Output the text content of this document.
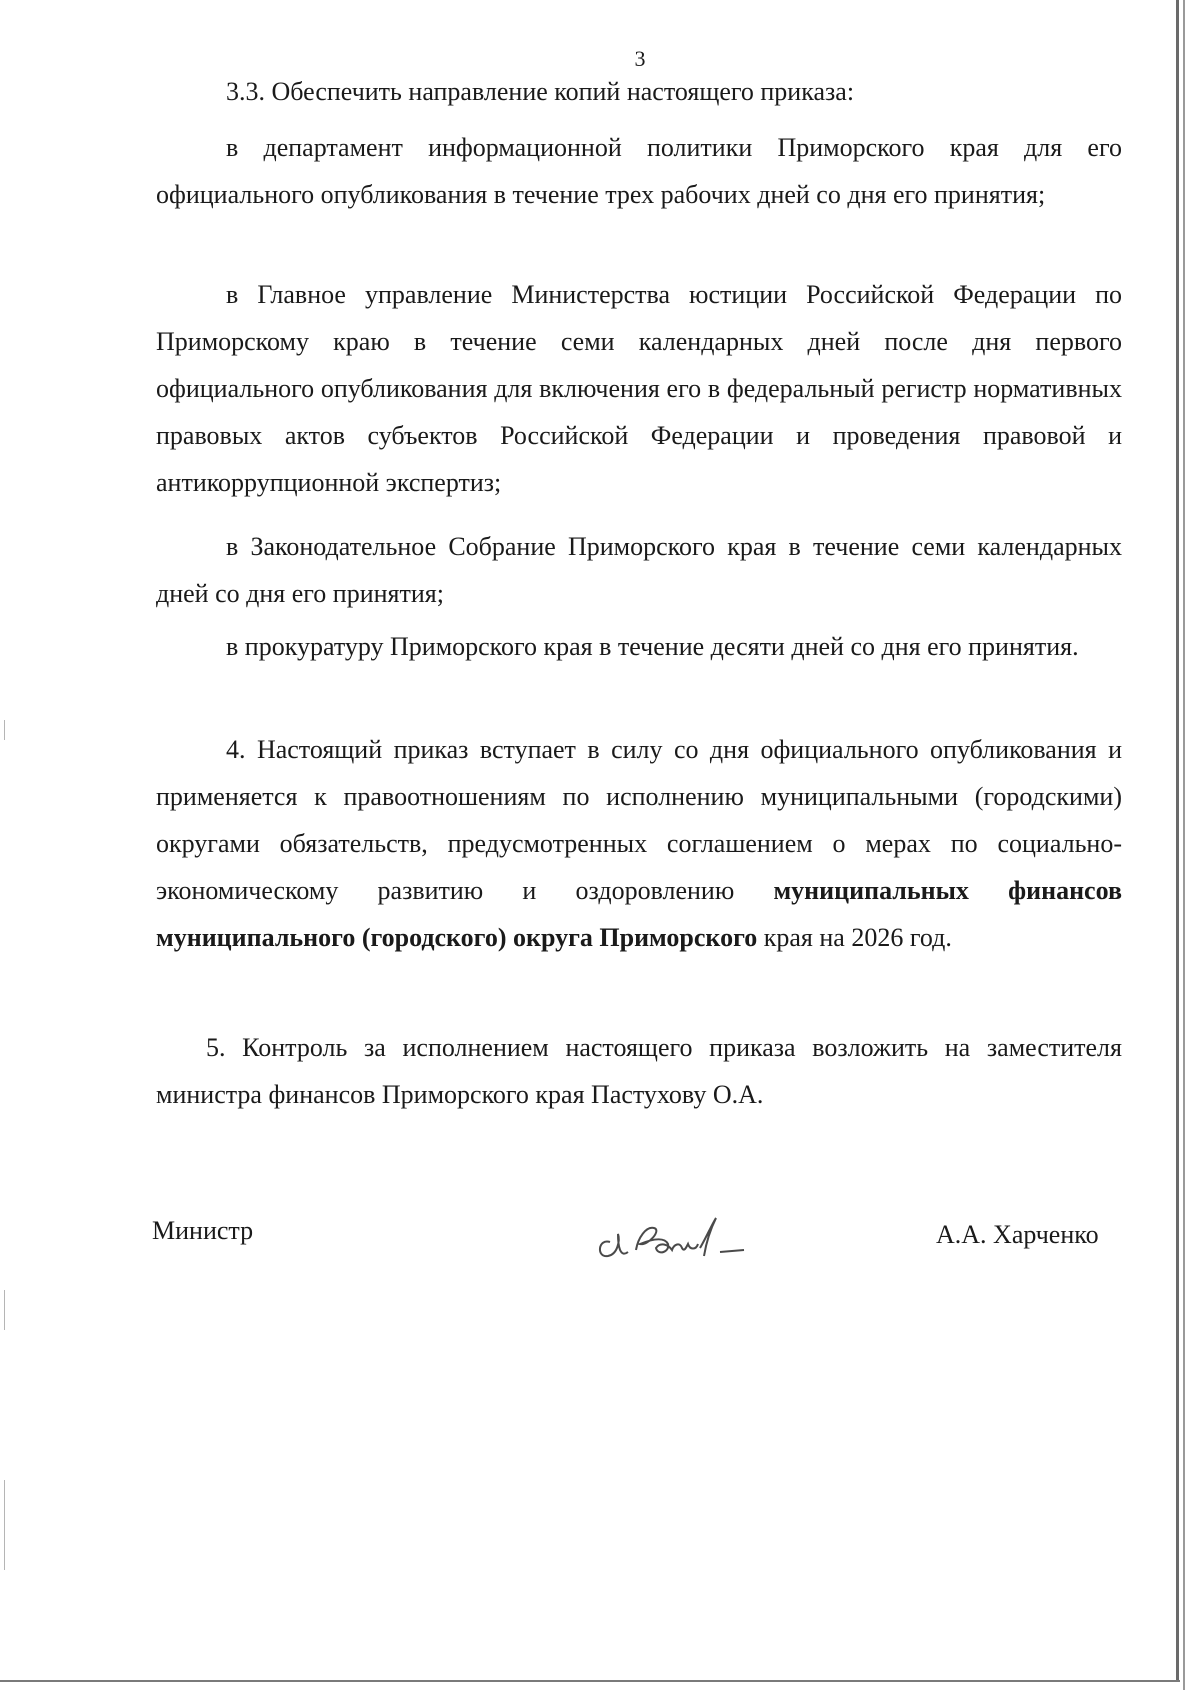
3

3.3. Обеспечить направление копий настоящего приказа:

в департамент информационной политики Приморского края для его официального опубликования в течение трех рабочих дней со дня его принятия;

в Главное управление Министерства юстиции Российской Федерации по Приморскому краю в течение семи календарных дней после дня первого официального опубликования для включения его в федеральный регистр нормативных правовых актов субъектов Российской Федерации и проведения правовой и антикоррупционной экспертиз;

в Законодательное Собрание Приморского края в течение семи календарных дней со дня его принятия;

в прокуратуру Приморского края в течение десяти дней со дня его принятия.

4. Настоящий приказ вступает в силу со дня официального опубликования и применяется к правоотношениям по исполнению муниципальными (городскими) округами обязательств, предусмотренных соглашением о мерах по социально-экономическому развитию и оздоровлению муниципальных финансов муниципального (городского) округа Приморского края на 2026 год.

5. Контроль за исполнением настоящего приказа возложить на заместителя министра финансов Приморского края Пастухову О.А.

Министр	А.А. Харченко
